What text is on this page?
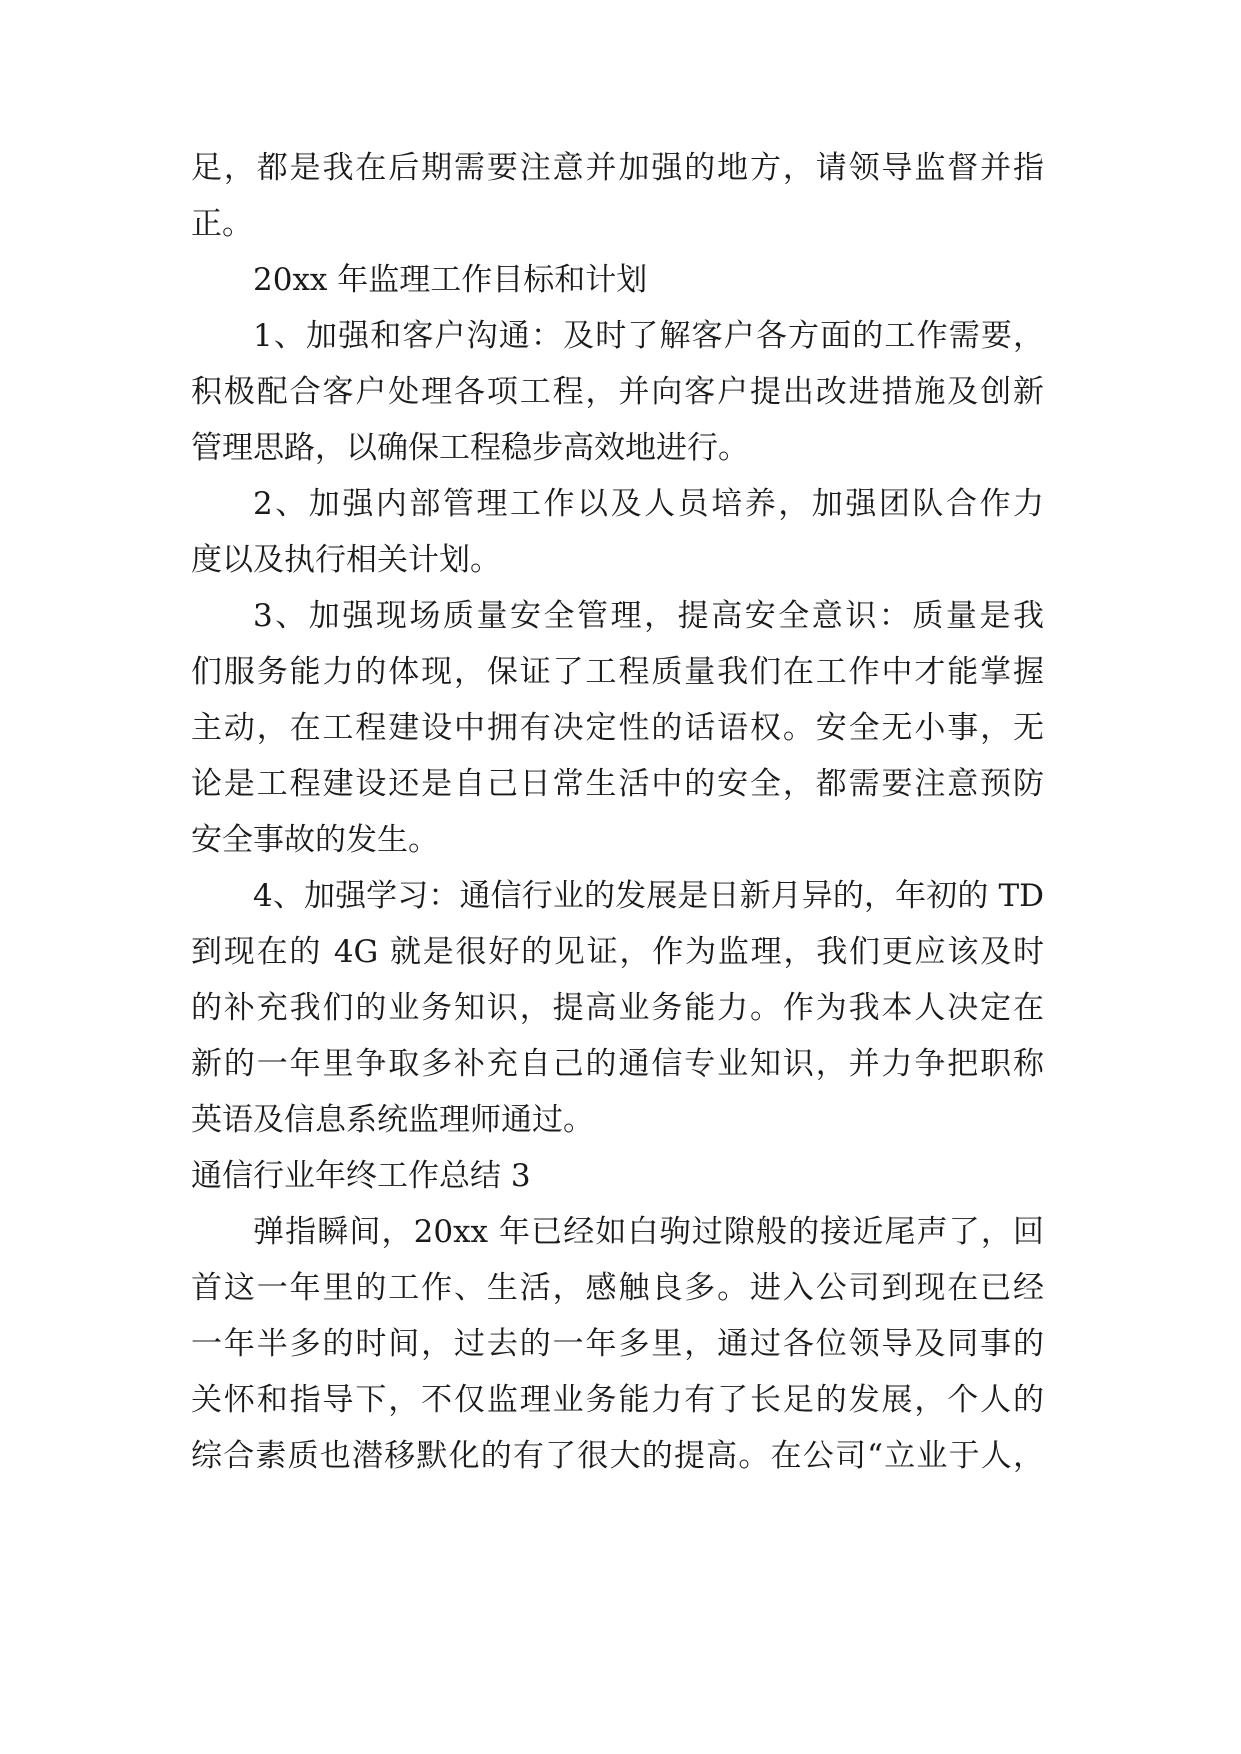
足，都是我在后期需要注意并加强的地方，请领导监督并指
正。
20xx 年监理工作目标和计划
1、加强和客户沟通：及时了解客户各方面的工作需要，
积极配合客户处理各项工程，并向客户提出改进措施及创新
管理思路，以确保工程稳步高效地进行。
2、加强内部管理工作以及人员培养，加强团队合作力
度以及执行相关计划。
3、加强现场质量安全管理，提高安全意识：质量是我
们服务能力的体现，保证了工程质量我们在工作中才能掌握
主动，在工程建设中拥有决定性的话语权。安全无小事，无
论是工程建设还是自己日常生活中的安全，都需要注意预防
安全事故的发生。
4、加强学习：通信行业的发展是日新月异的，年初的 TD
到现在的 4G 就是很好的见证，作为监理，我们更应该及时
的补充我们的业务知识，提高业务能力。作为我本人决定在
新的一年里争取多补充自己的通信专业知识，并力争把职称
英语及信息系统监理师通过。
通信行业年终工作总结 3
弹指瞬间，20xx 年已经如白驹过隙般的接近尾声了，回
首这一年里的工作、生活，感触良多。进入公司到现在已经
一年半多的时间，过去的一年多里，通过各位领导及同事的
关怀和指导下，不仅监理业务能力有了长足的发展，个人的
综合素质也潜移默化的有了很大的提高。在公司“立业于人，
